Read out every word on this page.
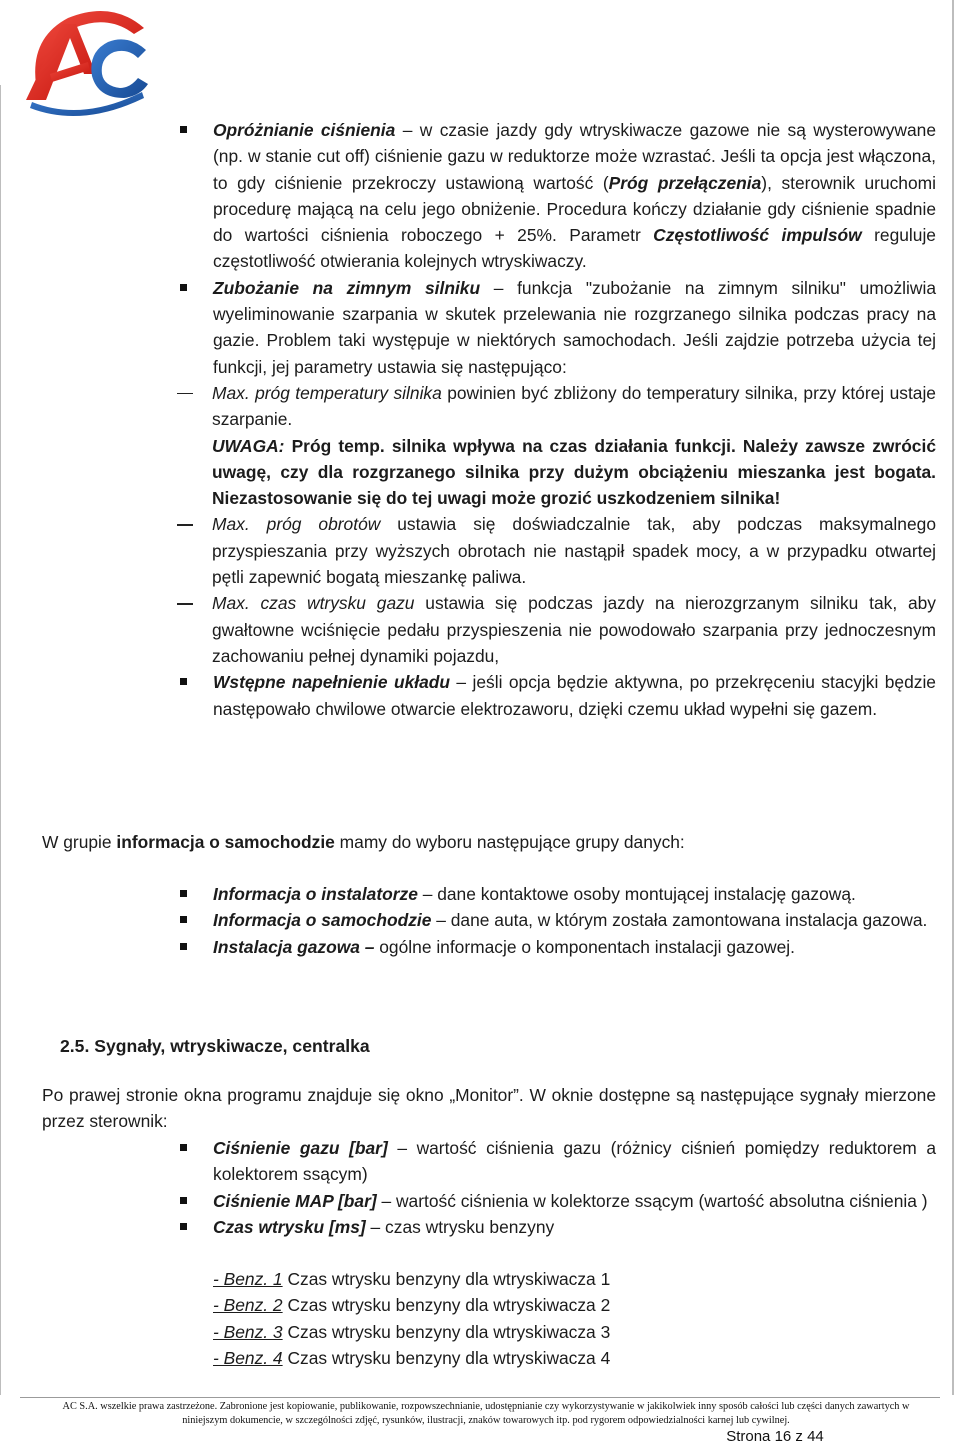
Opróżnianie ciśnienia – w czasie jazdy gdy wtryskiwacze gazowe nie są wysterowywane (np. w stanie cut off) ciśnienie gazu w reduktorze może wzrastać. Jeśli ta opcja jest włączona, to gdy ciśnienie przekroczy ustawioną wartość (Próg przełączenia), sterownik uruchomi procedurę mającą na celu jego obniżenie. Procedura kończy działanie gdy ciśnienie spadnie do wartości ciśnienia roboczego + 25%. Parametr Częstotliwość impulsów reguluje częstotliwość otwierania kolejnych wtryskiwaczy.
Zubożanie na zimnym silniku – funkcja "zubożanie na zimnym silniku" umożliwia wyeliminowanie szarpania w skutek przelewania nie rozgrzanego silnika podczas pracy na gazie. Problem taki występuje w niektórych samochodach. Jeśli zajdzie potrzeba użycia tej funkcji, jej parametry ustawia się następująco:
Max. próg temperatury silnika powinien być zbliżony do temperatury silnika, przy której ustaje szarpanie.
UWAGA: Próg temp. silnika wpływa na czas działania funkcji. Należy zawsze zwrócić uwagę, czy dla rozgrzanego silnika przy dużym obciążeniu mieszanka jest bogata. Niezastosowanie się do tej uwagi może grozić uszkodzeniem silnika!
Max. próg obrotów ustawia się doświadczalnie tak, aby podczas maksymalnego przyspieszania przy wyższych obrotach nie nastąpił spadek mocy, a w przypadku otwartej pętli zapewnić bogatą mieszankę paliwa.
Max. czas wtrysku gazu ustawia się podczas jazdy na nierozgrzanym silniku tak, aby gwałtowne wciśnięcie pedału przyspieszenia nie powodowało szarpania przy jednoczesnym zachowaniu pełnej dynamiki pojazdu,
Wstępne napełnienie układu – jeśli opcja będzie aktywna, po przekręceniu stacyjki będzie następowało chwilowe otwarcie elektrozaworu, dzięki czemu układ wypełni się gazem.

W grupie informacja o samochodzie mamy do wyboru następujące grupy danych:

Informacja o instalatorze – dane kontaktowe osoby montującej instalację gazową.
Informacja o samochodzie – dane auta, w którym została zamontowana instalacja gazowa.
Instalacja gazowa – ogólne informacje o komponentach instalacji gazowej.
2.5. Sygnały, wtryskiwacze, centralka

Po prawej stronie okna programu znajduje się okno „Monitor”. W oknie dostępne są następujące sygnały mierzone przez sterownik:

Ciśnienie gazu [bar] – wartość ciśnienia gazu (różnicy ciśnień pomiędzy reduktorem a kolektorem ssącym)
Ciśnienie MAP [bar] – wartość ciśnienia w kolektorze ssącym (wartość absolutna ciśnienia )
Czas wtrysku [ms] – czas wtrysku benzyny
- Benz. 1 Czas wtrysku benzyny dla wtryskiwacza 1
- Benz. 2 Czas wtrysku benzyny dla wtryskiwacza 2
- Benz. 3 Czas wtrysku benzyny dla wtryskiwacza 3
- Benz. 4 Czas wtrysku benzyny dla wtryskiwacza 4
AC S.A. wszelkie prawa zastrzeżone. Zabronione jest kopiowanie, publikowanie, rozpowszechnianie, udostępnianie czy wykorzystywanie w jakikolwiek inny sposób całości lub części danych zawartych w niniejszym dokumencie, w szczególności zdjęć, rysunków, ilustracji, znaków towarowych itp. pod rygorem odpowiedzialności karnej lub cywilnej.
Strona 16 z 44
